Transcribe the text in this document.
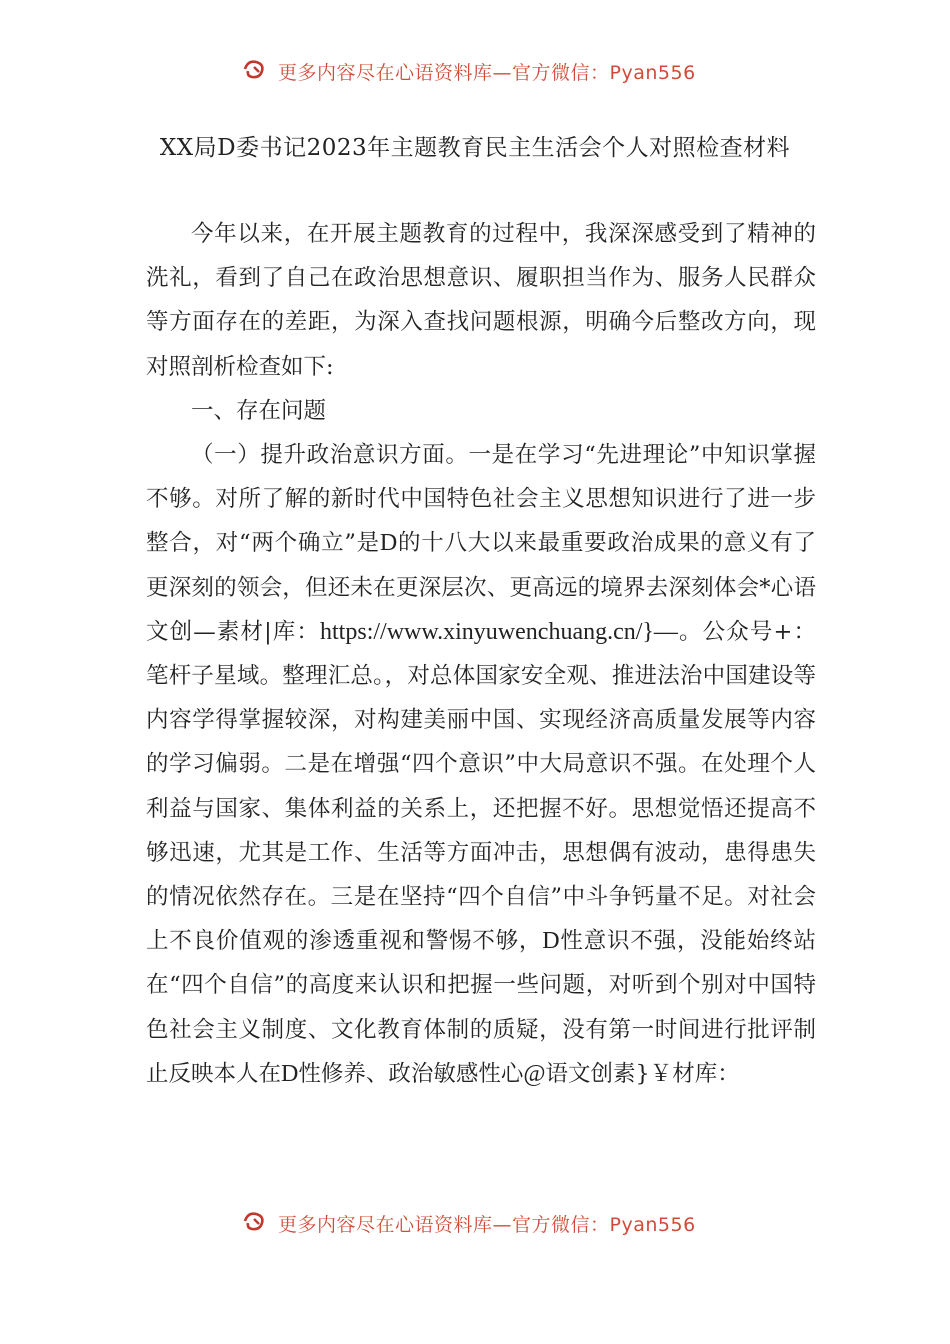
更多内容尽在心语资料库—官方微信：Pyan556
XX局D委书记2023年主题教育民主生活会个人对照检查材料

今年以来，在开展主题教育的过程中，我深深感受到了精神的洗礼，看到了自己在政治思想意识、履职担当作为、服务人民群众等方面存在的差距，为深入查找问题根源，明确今后整改方向，现对照剖析检查如下:

一、存在问题

（一）提升政治意识方面。一是在学习“先进理论”中知识掌握不够。对所了解的新时代中国特色社会主义思想知识进行了进一步整合，对“两个确立”是D的十八大以来最重要政治成果的意义有了更深刻的领会，但还未在更深层次、更高远的境界去深刻体会*心语文创—素材|库：https://www.xinyuwenchuang.cn/}—。公众号+：笔杆子星域。整理汇总。，对总体国家安全观、推进法治中国建设等内容学得掌握较深，对构建美丽中国、实现经济高质量发展等内容的学习偏弱。二是在增强“四个意识”中大局意识不强。在处理个人利益与国家、集体利益的关系上，还把握不好。思想觉悟还提高不够迅速，尤其是工作、生活等方面冲击，思想偶有波动，患得患失的情况依然存在。三是在坚持“四个自信”中斗争钙量不足。对社会上不良价值观的渗透重视和警惕不够，D性意识不强，没能始终站在“四个自信”的高度来认识和把握一些问题，对听到个别对中国特色社会主义制度、文化教育体制的质疑，没有第一时间进行批评制止反映本人在D性修养、政治敏感性心@语文创素}￥材库：

更多内容尽在心语资料库—官方微信：Pyan556
